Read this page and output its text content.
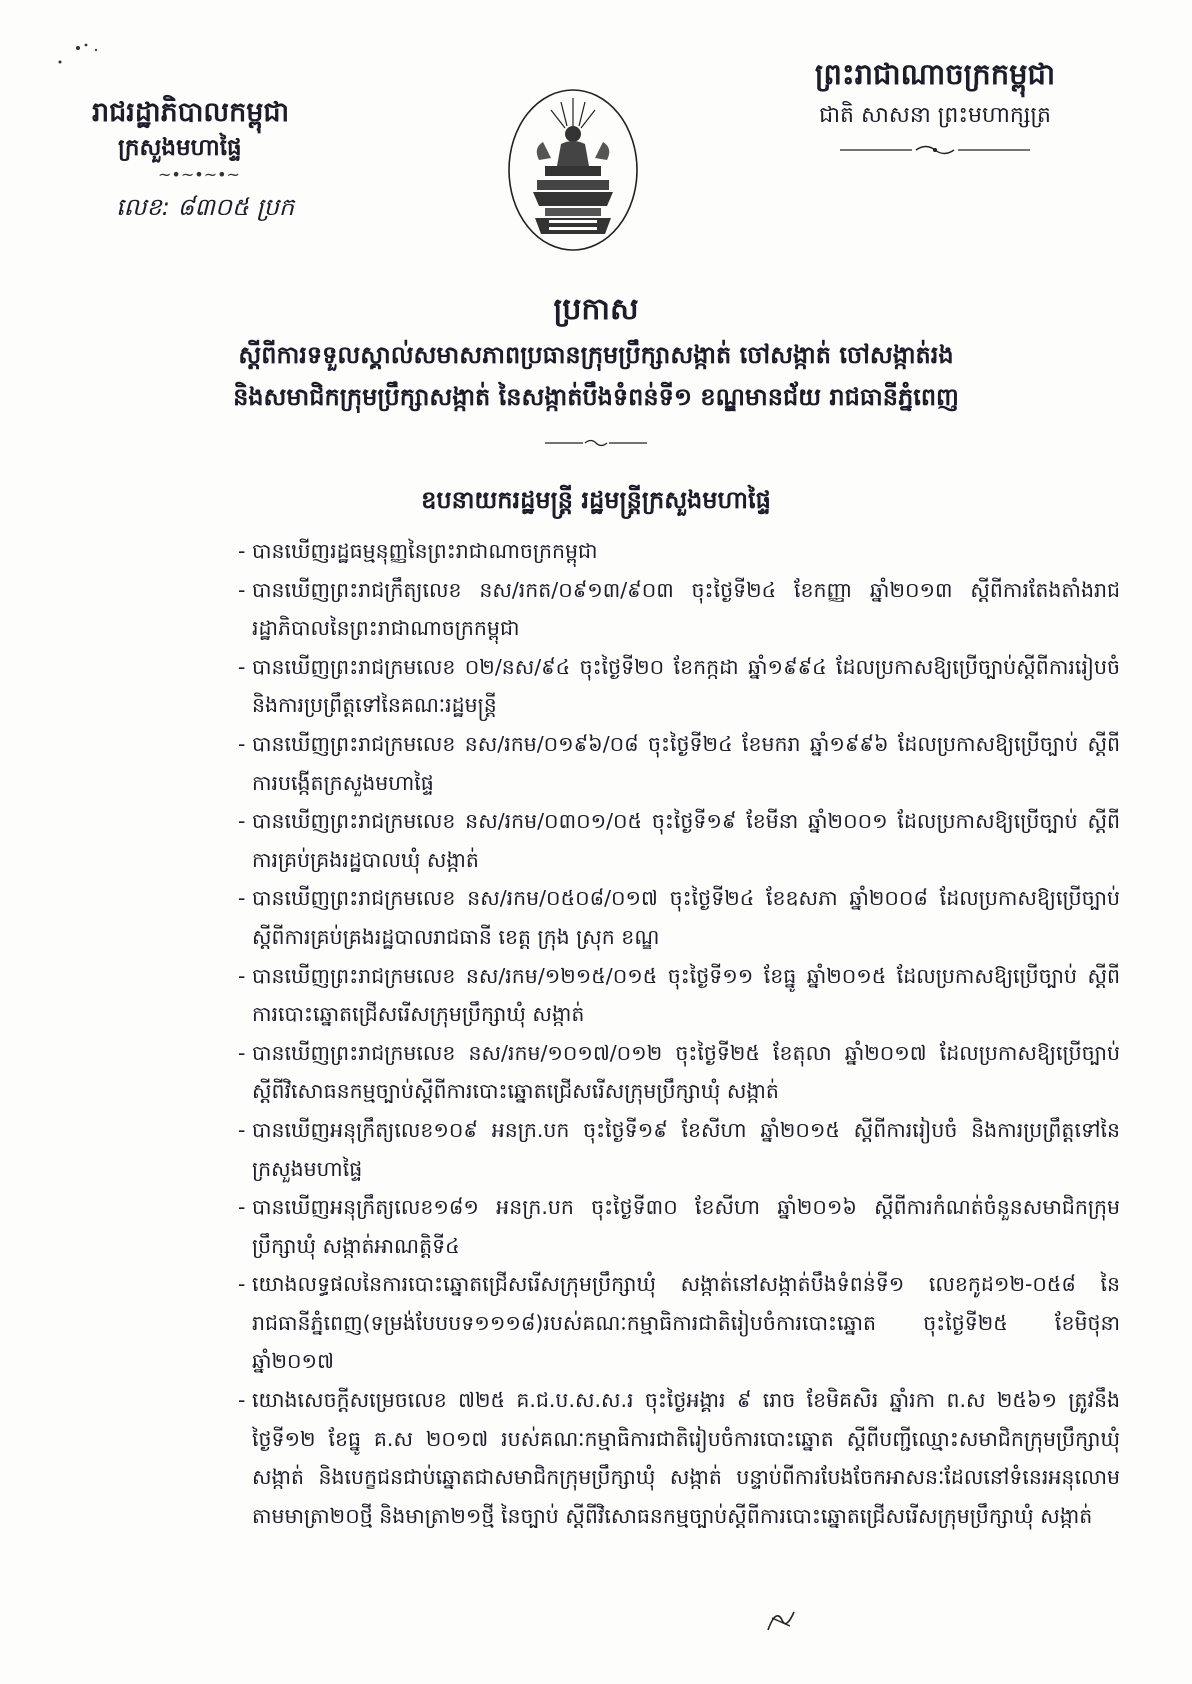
រាជរដ្ឋាភិបាលកម្ពុជា
ក្រសួងមហាផ្ទៃ
~•~•~•~
លេខ: ៨៣០៥ ប្រក
ព្រះរាជាណាចក្រកម្ពុជា
ជាតិ សាសនា ព្រះមហាក្សត្រ
ប្រកាស
ស្តីពីការទទួលស្គាល់សមាសភាពប្រធានក្រុមប្រឹក្សាសង្កាត់ ចៅសង្កាត់ ចៅសង្កាត់រង
និងសមាជិកក្រុមប្រឹក្សាសង្កាត់ នៃសង្កាត់បឹងទំពន់ទី១ ខណ្ឌមានជ័យ រាជធានីភ្នំពេញ
ឧបនាយករដ្ឋមន្ត្រី រដ្ឋមន្ត្រីក្រសួងមហាផ្ទៃ
- បានឃើញរដ្ឋធម្មនុញ្ញនៃព្រះរាជាណាចក្រកម្ពុជា
- បានឃើញព្រះរាជក្រឹត្យលេខ នស/រកត/០៩១៣/៩០៣ ចុះថ្ងៃទី២៤ ខែកញ្ញា ឆ្នាំ២០១៣ ស្តីពីការតែងតាំងរាជរដ្ឋាភិបាលនៃព្រះរាជាណាចក្រកម្ពុជា
- បានឃើញព្រះរាជក្រមលេខ ០២/នស/៩៤ ចុះថ្ងៃទី២០ ខែកក្កដា ឆ្នាំ១៩៩៤ ដែលប្រកាសឱ្យប្រើច្បាប់ស្តីពីការរៀបចំ និងការប្រព្រឹត្តទៅនៃគណៈរដ្ឋមន្ត្រី
- បានឃើញព្រះរាជក្រមលេខ នស/រកម/០១៩៦/០៨ ចុះថ្ងៃទី២៤ ខែមករា ឆ្នាំ១៩៩៦ ដែលប្រកាសឱ្យប្រើច្បាប់ ស្តីពីការបង្កើតក្រសួងមហាផ្ទៃ
- បានឃើញព្រះរាជក្រមលេខ នស/រកម/០៣០១/០៥ ចុះថ្ងៃទី១៩ ខែមីនា ឆ្នាំ២០០១ ដែលប្រកាសឱ្យប្រើច្បាប់ ស្តីពីការគ្រប់គ្រងរដ្ឋបាលឃុំ សង្កាត់
- បានឃើញព្រះរាជក្រមលេខ នស/រកម/០៥០៨/០១៧ ចុះថ្ងៃទី២៤ ខែឧសភា ឆ្នាំ២០០៨ ដែលប្រកាសឱ្យប្រើច្បាប់ ស្តីពីការគ្រប់គ្រងរដ្ឋបាលរាជធានី ខេត្ត ក្រុង ស្រុក ខណ្ឌ
- បានឃើញព្រះរាជក្រមលេខ នស/រកម/១២១៥/០១៥ ចុះថ្ងៃទី១១ ខែធ្នូ ឆ្នាំ២០១៥ ដែលប្រកាសឱ្យប្រើច្បាប់ ស្តីពីការបោះឆ្នោតជ្រើសរើសក្រុមប្រឹក្សាឃុំ សង្កាត់
- បានឃើញព្រះរាជក្រមលេខ នស/រកម/១០១៧/០១២ ចុះថ្ងៃទី២៥ ខែតុលា ឆ្នាំ២០១៧ ដែលប្រកាសឱ្យប្រើច្បាប់ ស្តីពីវិសោធនកម្មច្បាប់ស្តីពីការបោះឆ្នោតជ្រើសរើសក្រុមប្រឹក្សាឃុំ សង្កាត់
- បានឃើញអនុក្រឹត្យលេខ១០៩ អនក្រ.បក ចុះថ្ងៃទី១៩ ខែសីហា ឆ្នាំ២០១៥ ស្តីពីការរៀបចំ និងការប្រព្រឹត្តទៅនៃក្រសួងមហាផ្ទៃ
- បានឃើញអនុក្រឹត្យលេខ១៨១ អនក្រ.បក ចុះថ្ងៃទី៣០ ខែសីហា ឆ្នាំ២០១៦ ស្តីពីការកំណត់ចំនួនសមាជិកក្រុមប្រឹក្សាឃុំ សង្កាត់អាណត្តិទី៤
- យោងលទ្ធផលនៃការបោះឆ្នោតជ្រើសរើសក្រុមប្រឹក្សាឃុំ សង្កាត់នៅសង្កាត់បឹងទំពន់ទី១ លេខកូដ១២-០៥៨ នៃរាជធានីភ្នំពេញ(ទម្រង់បែបបទ១១១៨)របស់គណៈកម្មាធិការជាតិរៀបចំការបោះឆ្នោត ចុះថ្ងៃទី២៥ ខែមិថុនា ឆ្នាំ២០១៧
- យោងសេចក្តីសម្រេចលេខ ៧២៥ គ.ជ.ប.ស.ស.រ ចុះថ្ងៃអង្គារ ៩ រោច ខែមិគសិរ ឆ្នាំរកា ព.ស ២៥៦១ ត្រូវនឹងថ្ងៃទី១២ ខែធ្នូ គ.ស ២០១៧ របស់គណៈកម្មាធិការជាតិរៀបចំការបោះឆ្នោត ស្តីពីបញ្ជីឈ្មោះសមាជិកក្រុមប្រឹក្សាឃុំ សង្កាត់ និងបេក្ខជនជាប់ឆ្នោតជាសមាជិកក្រុមប្រឹក្សាឃុំ សង្កាត់ បន្ទាប់ពីការបែងចែកអាសនៈដែលនៅទំនេរអនុលោមតាមមាត្រា២០ថ្មី និងមាត្រា២១ថ្មី នៃច្បាប់ ស្តីពីវិសោធនកម្មច្បាប់ស្តីពីការបោះឆ្នោតជ្រើសរើសក្រុមប្រឹក្សាឃុំ សង្កាត់
